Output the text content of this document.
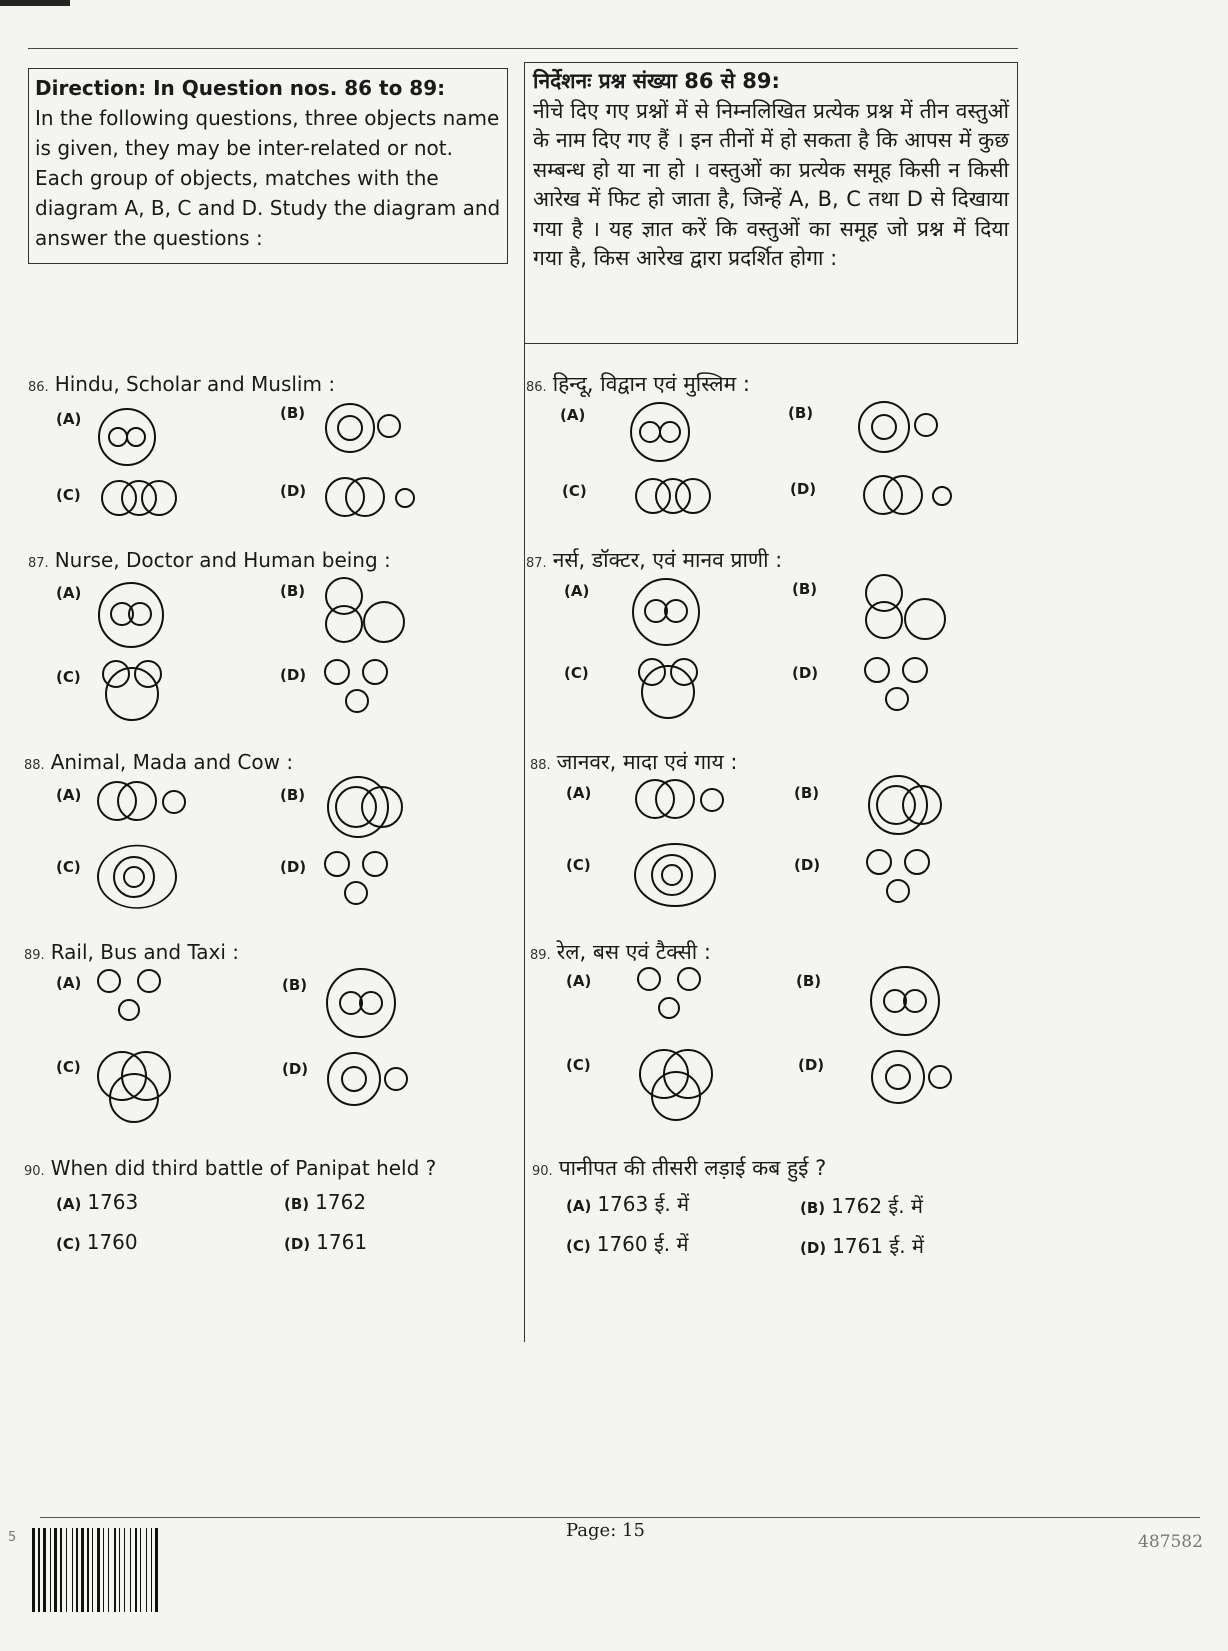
Direction: In Question nos. 86 to 89:
In the following questions, three objects name is given, they may be inter-related or not. Each group of objects, matches with the diagram A, B, C and D. Study the diagram and answer the questions :
निर्देशनः प्रश्न संख्या 86 से 89:
नीचे दिए गए प्रश्नों में से निम्नलिखित प्रत्येक प्रश्न में तीन वस्तुओं के नाम दिए गए हैं । इन तीनों में हो सकता है कि आपस में कुछ सम्बन्ध हो या ना हो । वस्तुओं का प्रत्येक समूह किसी न किसी आरेख में फिट हो जाता है, जिन्हें A, B, C तथा D से दिखाया गया है । यह ज्ञात करें कि वस्तुओं का समूह जो प्रश्न में दिया गया है, किस आरेख द्वारा प्रदर्शित होगा :
86. Hindu, Scholar and Muslim :
(A)	(B)
(C)	(D)
87. Nurse, Doctor and Human being :
(A)	(B)
(C)	(D)
88. Animal, Mada and Cow :
(A)	(B)
(C)	(D)
89. Rail, Bus and Taxi :
(A)	(B)
(C)	(D)
90. When did third battle of Panipat held ?
(A) 1763	(B) 1762
(C) 1760	(D) 1761
86. हिन्दू, विद्वान एवं मुस्लिम :
(A)	(B)
(C)	(D)
87. नर्स, डॉक्टर, एवं मानव प्राणी :
(A)	(B)
(C)	(D)
88. जानवर, मादा एवं गाय :
(A)	(B)
(C)	(D)
89. रेल, बस एवं टैक्सी :
(A)	(B)
(C)	(D)
90. पानीपत की तीसरी लड़ाई कब हुई ?
(A) 1763 ई. में	(B) 1762 ई. में
(C) 1760 ई. में	(D) 1761 ई. में
5	Page: 15
487582
